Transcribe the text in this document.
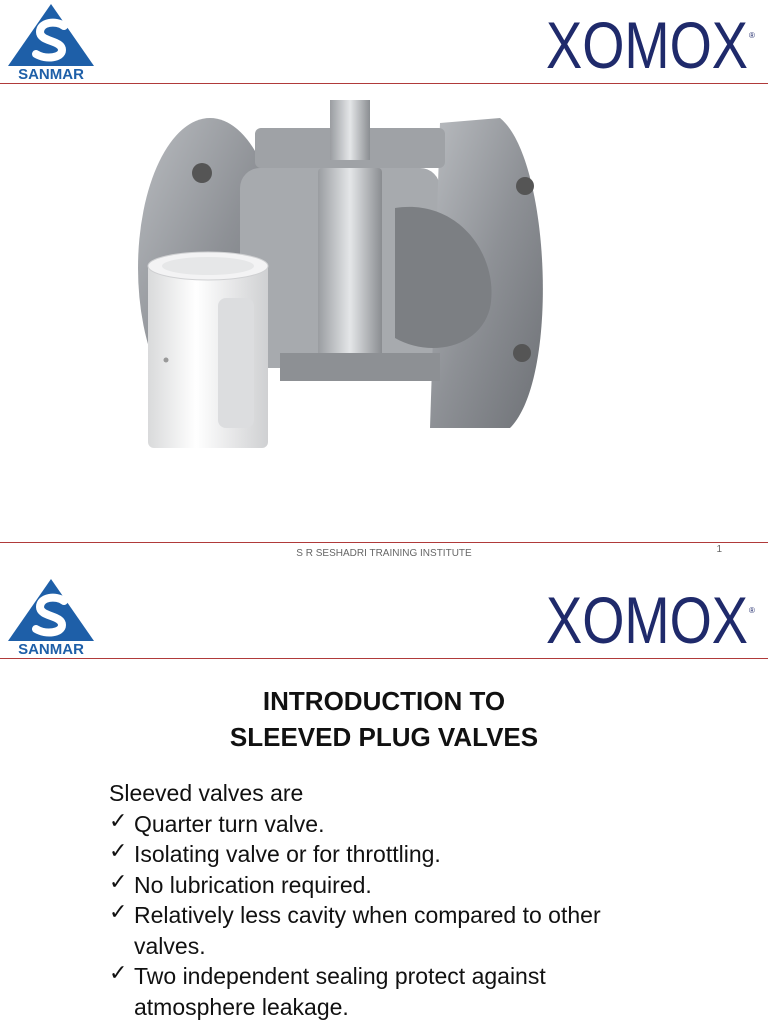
SANMAR	XOMOX ®
S R SESHADRI TRAINING INSTITUTE	1
SANMAR	XOMOX ®
INTRODUCTION TO
SLEEVED PLUG VALVES

Sleeved valves are

✓ Quarter turn valve.
✓ Isolating valve or for throttling.
✓ No lubrication required.
✓ Relatively less cavity when compared to other valves.
✓ Two independent sealing protect against atmosphere leakage.
